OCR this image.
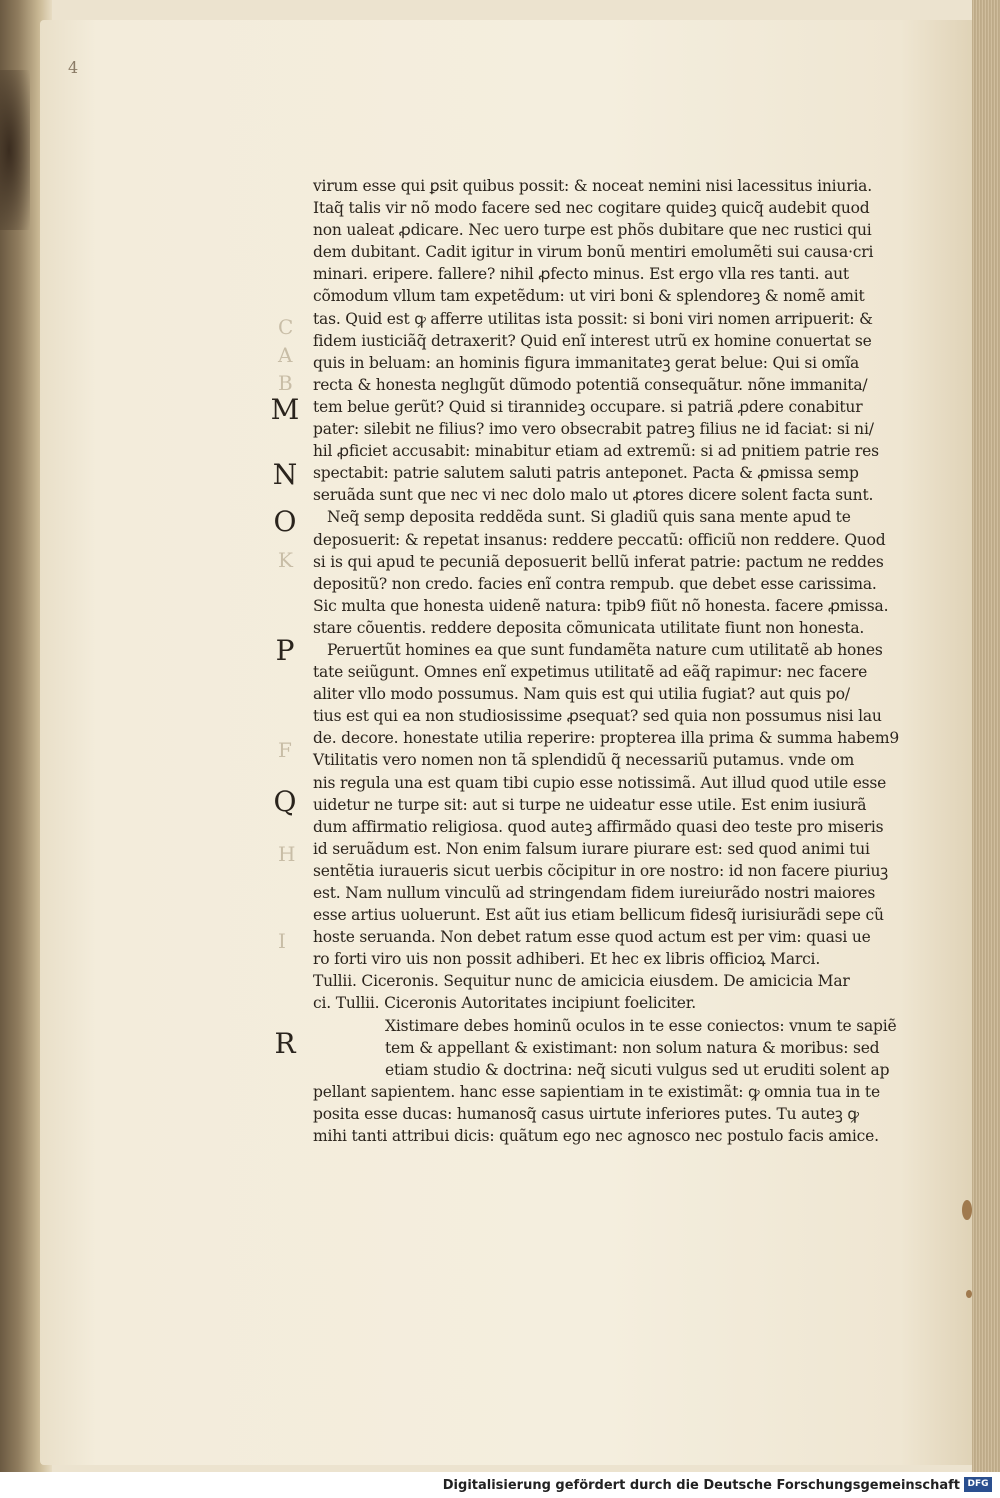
4
C
A
B
K
F
H
I
M
N
O
P
Q
R
virum esse qui ꝑsit quibus possit: & noceat nemini nisi lacessitus iniuria.
Itaq̃ talis vir nõ modo facere sed nec cogitare quideꝫ quicq̃ audebit quod
non ualeat ꝓdicare. Nec uero turpe est phõs dubitare que nec rustici qui
dem dubitant. Cadit igitur in virum bonũ mentiri emolumẽti sui causa·cri
minari. eripere. fallere? nihil ꝓfecto minus. Est ergo vlla res tanti. aut
cõmodum vllum tam expetẽdum: ut viri boni & splendoreꝫ & nomẽ amit
tas. Quid est ꝙ afferre utilitas ista possit: si boni viri nomen arripuerit: &
fidem iusticiãq̃ detraxerit? Quid enĩ interest utrũ ex homine conuertat se
quis in beluam: an hominis figura immanitateꝫ gerat belue: Qui si omĩa
recta & honesta neglıgũt dũmodo potentiã consequãtur. nõne immanita/
tem belue gerũt? Quid si tirannideꝫ occupare. si patriã ꝓdere conabitur
pater: silebit ne filius? imo vero obsecrabit patreꝫ filius ne id faciat: si ni/
hil ꝓficiet accusabit: minabitur etiam ad extremũ: si ad pnitiem patrie res
spectabit: patrie salutem saluti patris anteponet. Pacta & ꝓmissa semp
seruãda sunt que nec vi nec dolo malo ut ꝓtores dicere solent facta sunt.
Neq̃ semp deposita reddẽda sunt. Si gladiũ quis sana mente apud te
deposuerit: & repetat insanus: reddere peccatũ: officiũ non reddere. Quod
si is qui apud te pecuniã deposuerit bellũ inferat patrie: pactum ne reddes
depositũ? non credo. facies enĩ contra rempub. que debet esse carissima.
Sic multa que honesta uidenẽ natura: tpib9 fiũt nõ honesta. facere ꝓmissa.
stare cõuentis. reddere deposita cõmunicata utilitate fiunt non honesta.
Peruertũt homines ea que sunt fundamẽta nature cum utilitatẽ ab hones
tate seiũgunt. Omnes enĩ expetimus utilitatẽ ad eãq̃ rapimur: nec facere
aliter vllo modo possumus. Nam quis est qui utilia fugiat? aut quis po/
tius est qui ea non studiosissime ꝓsequat? sed quia non possumus nisi lau
de. decore. honestate utilia reperire: propterea illa prima & summa habem9
Vtilitatis vero nomen non tã splendidũ q̃ necessariũ putamus. vnde om
nis regula una est quam tibi cupio esse notissimã. Aut illud quod utile esse
uidetur ne turpe sit: aut si turpe ne uideatur esse utile. Est enim iusiurã
dum affirmatio religiosa. quod auteꝫ affirmãdo quasi deo teste pro miseris
id seruãdum est. Non enim falsum iurare piurare est: sed quod animi tui
sentẽtia iuraueris sicut uerbis cõcipitur in ore nostro: id non facere piuriuꝫ
est. Nam nullum vinculũ ad stringendam fidem iureiurãdo nostri maiores
esse artius uoluerunt. Est aũt ius etiam bellicum fidesq̃ iurisiurãdi sepe cũ
hoste seruanda. Non debet ratum esse quod actum est per vim: quasi ue
ro forti viro uis non possit adhiberi. Et hec ex libris officioꝝ Marci.
Tullii. Ciceronis. Sequitur nunc de amicicia eiusdem. De amicicia Mar
ci. Tullii. Ciceronis Autoritates incipiunt foeliciter.
Xistimare debes hominũ oculos in te esse coniectos: vnum te sapiẽ
tem & appellant & existimant: non solum natura & moribus: sed
etiam studio & doctrina: neq̃ sicuti vulgus sed ut eruditi solent ap
pellant sapientem. hanc esse sapientiam in te existimãt: ꝙ omnia tua in te
posita esse ducas: humanosq̃ casus uirtute inferiores putes. Tu auteꝫ ꝙ
mihi tanti attribui dicis: quãtum ego nec agnosco nec postulo facis amice.
Digitalisierung gefördert durch die Deutsche Forschungsgemeinschaft DFG
